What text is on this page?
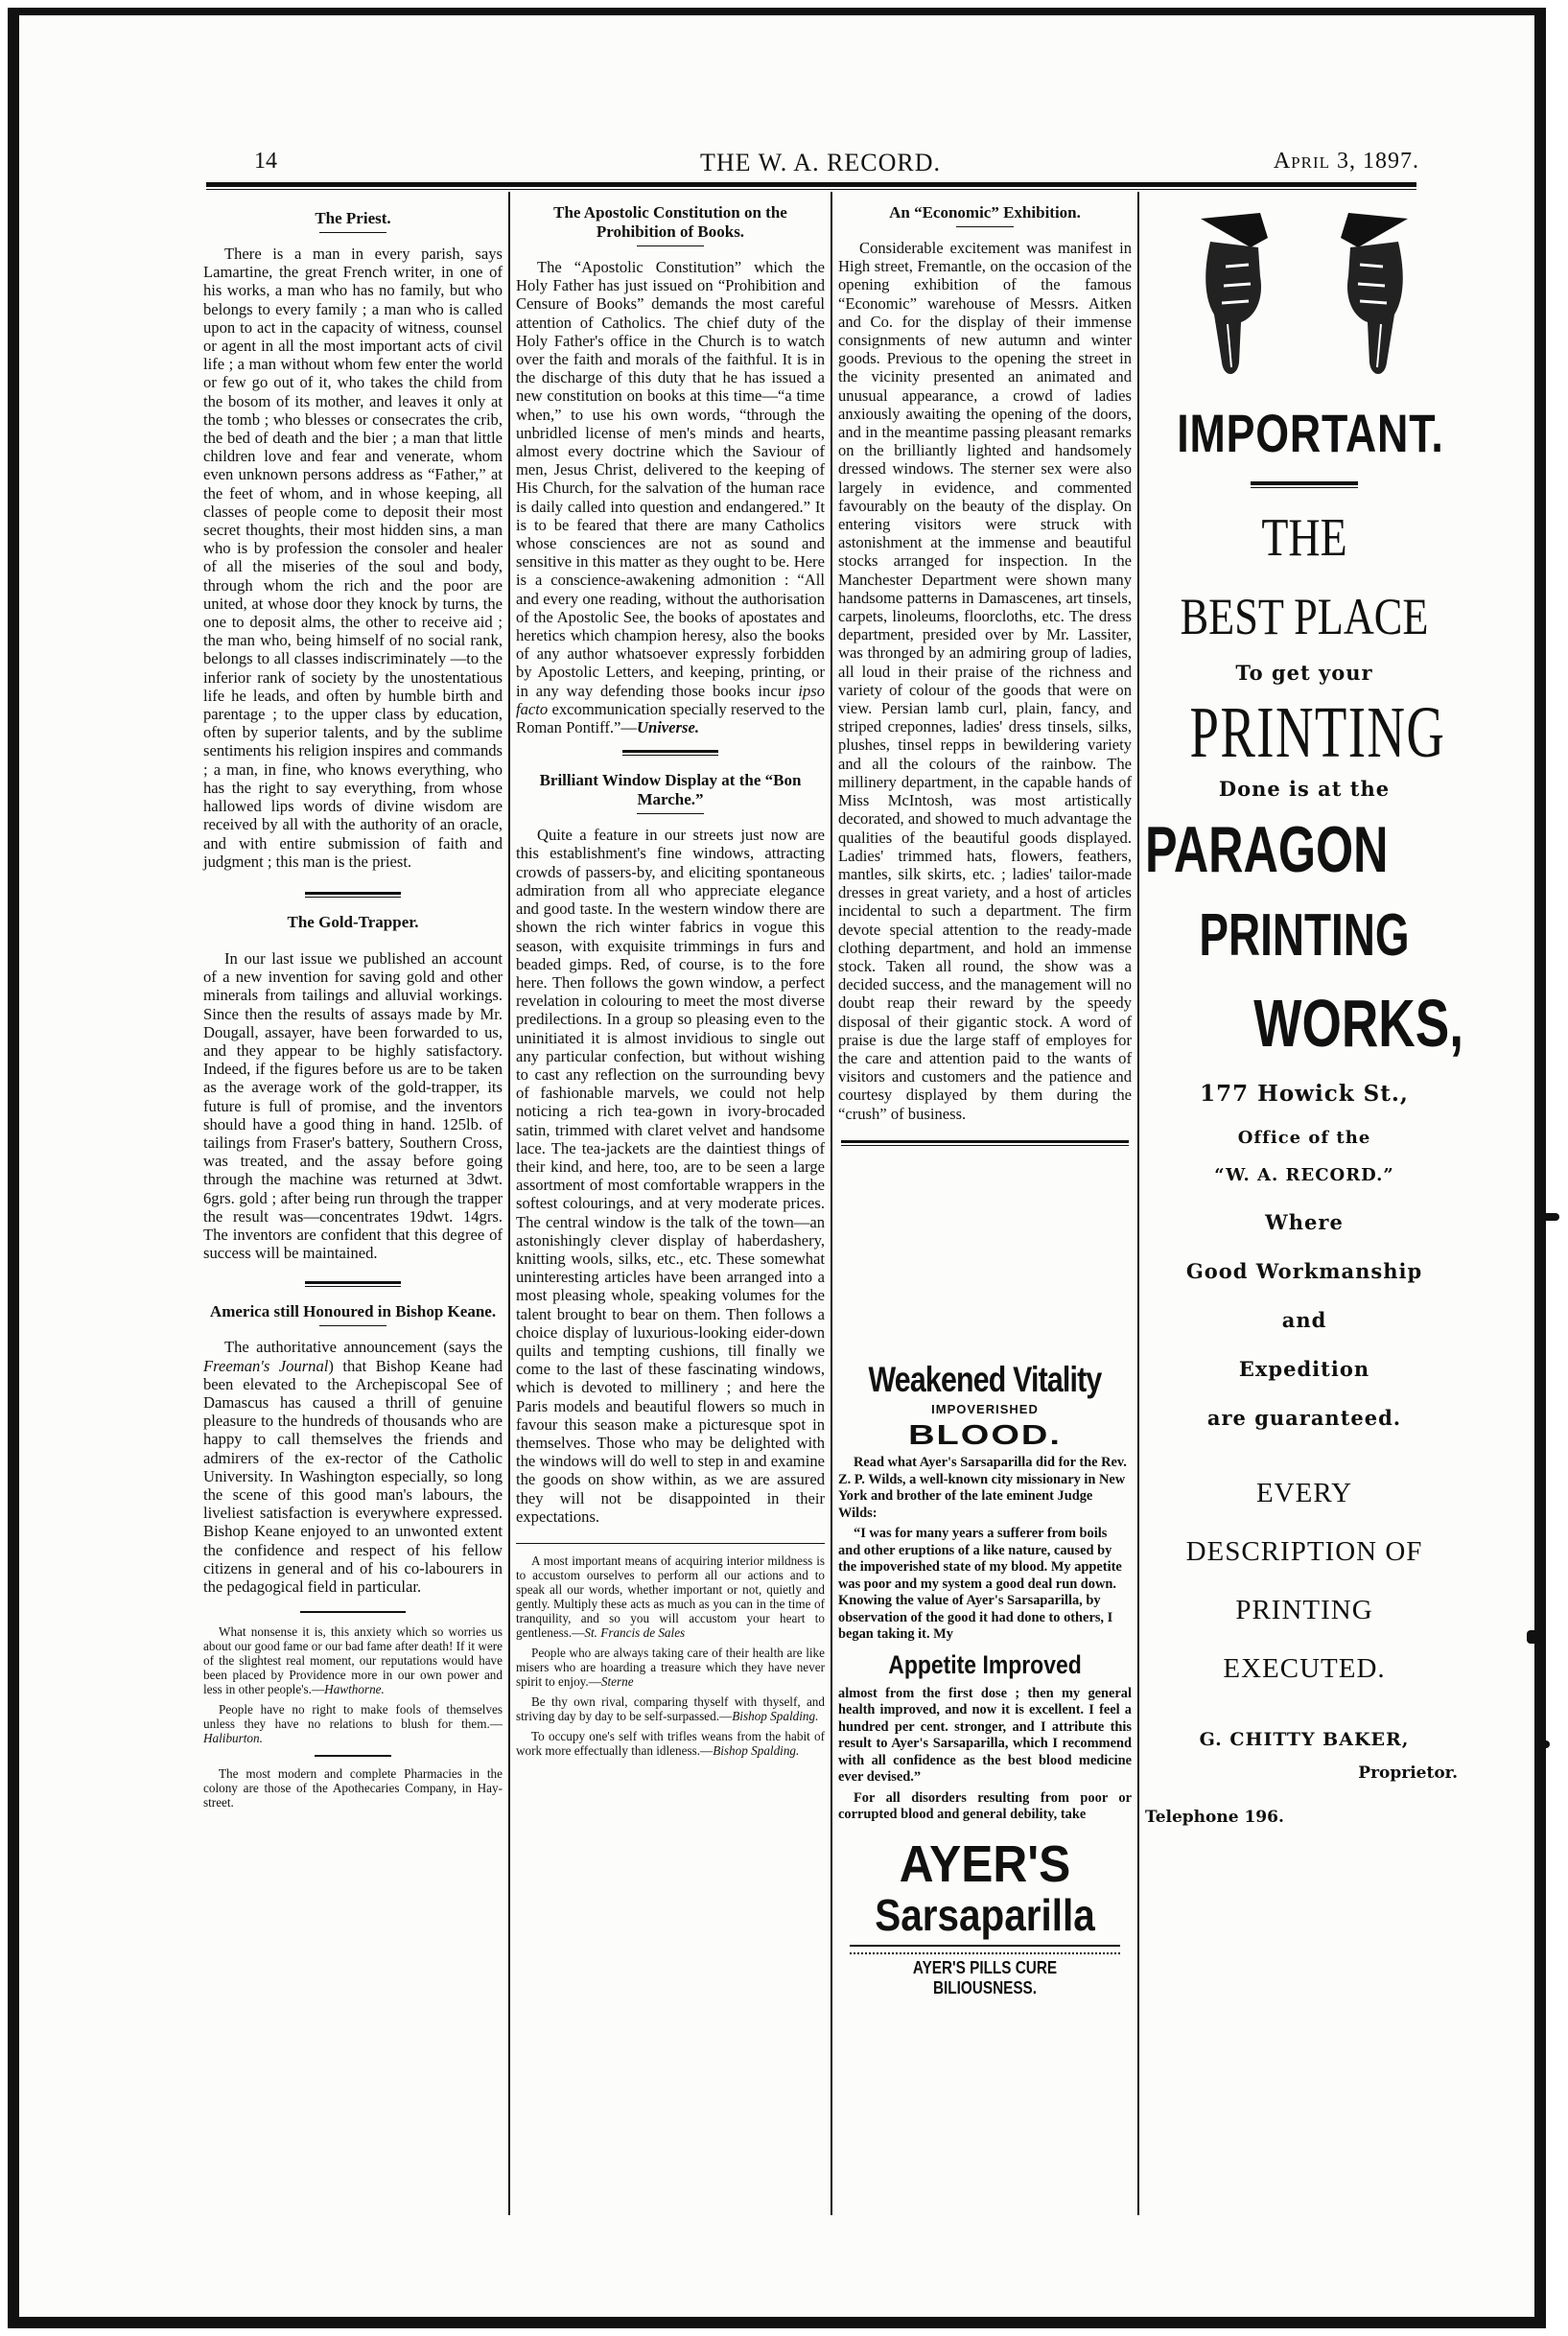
14	THE W. A. RECORD.	April 3, 1897.
The Priest.

There is a man in every parish, says Lamartine, the great French writer, in one of his works, a man who has no family, but who belongs to every family ; a man who is called upon to act in the capacity of witness, counsel or agent in all the most important acts of civil life ; a man without whom few enter the world or few go out of it, who takes the child from the bosom of its mother, and leaves it only at the tomb ; who blesses or consecrates the crib, the bed of death and the bier ; a man that little children love and fear and venerate, whom even unknown persons address as “Father,” at the feet of whom, and in whose keeping, all classes of people come to deposit their most secret thoughts, their most hidden sins, a man who is by profession the consoler and healer of all the miseries of the soul and body, through whom the rich and the poor are united, at whose door they knock by turns, the one to deposit alms, the other to receive aid ; the man who, being himself of no social rank, belongs to all classes indiscriminately —to the inferior rank of society by the unostentatious life he leads, and often by humble birth and parentage ; to the upper class by education, often by superior talents, and by the sublime sentiments his religion inspires and commands ; a man, in fine, who knows everything, who has the right to say everything, from whose hallowed lips words of divine wisdom are received by all with the authority of an oracle, and with entire submission of faith and judgment ; this man is the priest.

The Gold-Trapper.

In our last issue we published an account of a new invention for saving gold and other minerals from tailings and alluvial workings. Since then the results of assays made by Mr. Dougall, assayer, have been forwarded to us, and they appear to be highly satisfactory. Indeed, if the figures before us are to be taken as the average work of the gold-trapper, its future is full of promise, and the inventors should have a good thing in hand. 125lb. of tailings from Fraser's battery, Southern Cross, was treated, and the assay before going through the machine was returned at 3dwt. 6grs. gold ; after being run through the trapper the result was—concentrates 19dwt. 14grs. The inventors are confident that this degree of success will be maintained.

America still Honoured in Bishop Keane.

The authoritative announcement (says the Freeman's Journal) that Bishop Keane had been elevated to the Archepiscopal See of Damascus has caused a thrill of genuine pleasure to the hundreds of thousands who are happy to call themselves the friends and admirers of the ex-rector of the Catholic University. In Washington especially, so long the scene of this good man's labours, the liveliest satisfaction is everywhere expressed. Bishop Keane enjoyed to an unwonted extent the confidence and respect of his fellow citizens in general and of his co-labourers in the pedagogical field in particular.

What nonsense it is, this anxiety which so worries us about our good fame or our bad fame after death! If it were of the slightest real moment, our reputations would have been placed by Providence more in our own power and less in other people's.—Hawthorne.

People have no right to make fools of themselves unless they have no relations to blush for them.—Haliburton.

The most modern and complete Pharmacies in the colony are those of the Apothecaries Company, in Hay-street.

The Apostolic Constitution on the Prohibition of Books.

The “Apostolic Constitution” which the Holy Father has just issued on “Prohibition and Censure of Books” demands the most careful attention of Catholics. The chief duty of the Holy Father's office in the Church is to watch over the faith and morals of the faithful. It is in the discharge of this duty that he has issued a new constitution on books at this time—“a time when,” to use his own words, “through the unbridled license of men's minds and hearts, almost every doctrine which the Saviour of men, Jesus Christ, delivered to the keeping of His Church, for the salvation of the human race is daily called into question and endangered.” It is to be feared that there are many Catholics whose consciences are not as sound and sensitive in this matter as they ought to be. Here is a conscience-awakening admonition : “All and every one reading, without the authorisation of the Apostolic See, the books of apostates and heretics which champion heresy, also the books of any author whatsoever expressly forbidden by Apostolic Letters, and keeping, printing, or in any way defending those books incur ipso facto excommunication specially reserved to the Roman Pontiff.”—Universe.

Brilliant Window Display at the “Bon Marche.”

Quite a feature in our streets just now are this establishment's fine windows, attracting crowds of passers-by, and eliciting spontaneous admiration from all who appreciate elegance and good taste. In the western window there are shown the rich winter fabrics in vogue this season, with exquisite trimmings in furs and beaded gimps. Red, of course, is to the fore here. Then follows the gown window, a perfect revelation in colouring to meet the most diverse predilections. In a group so pleasing even to the uninitiated it is almost invidious to single out any particular confection, but without wishing to cast any reflection on the surrounding bevy of fashionable marvels, we could not help noticing a rich tea-gown in ivory-brocaded satin, trimmed with claret velvet and handsome lace. The tea-jackets are the daintiest things of their kind, and here, too, are to be seen a large assortment of most comfortable wrappers in the softest colourings, and at very moderate prices. The central window is the talk of the town—an astonishingly clever display of haberdashery, knitting wools, silks, etc., etc. These somewhat uninteresting articles have been arranged into a most pleasing whole, speaking volumes for the talent brought to bear on them. Then follows a choice display of luxurious-looking eider-down quilts and tempting cushions, till finally we come to the last of these fascinating windows, which is devoted to millinery ; and here the Paris models and beautiful flowers so much in favour this season make a picturesque spot in themselves. Those who may be delighted with the windows will do well to step in and examine the goods on show within, as we are assured they will not be disappointed in their expectations.

A most important means of acquiring interior mildness is to accustom ourselves to perform all our actions and to speak all our words, whether important or not, quietly and gently. Multiply these acts as much as you can in the time of tranquility, and so you will accustom your heart to gentleness.—St. Francis de Sales

People who are always taking care of their health are like misers who are hoarding a treasure which they have never spirit to enjoy.—Sterne

Be thy own rival, comparing thyself with thyself, and striving day by day to be self-surpassed.—Bishop Spalding.

To occupy one's self with trifles weans from the habit of work more effectually than idleness.—Bishop Spalding.

An “Economic” Exhibition.

Considerable excitement was manifest in High street, Fremantle, on the occasion of the opening exhibition of the famous “Economic” warehouse of Messrs. Aitken and Co. for the display of their immense consignments of new autumn and winter goods. Previous to the opening the street in the vicinity presented an animated and unusual appearance, a crowd of ladies anxiously awaiting the opening of the doors, and in the meantime passing pleasant remarks on the brilliantly lighted and handsomely dressed windows. The sterner sex were also largely in evidence, and commented favourably on the beauty of the display. On entering visitors were struck with astonishment at the immense and beautiful stocks arranged for inspection. In the Manchester Department were shown many handsome patterns in Damascenes, art tinsels, carpets, linoleums, floorcloths, etc. The dress department, presided over by Mr. Lassiter, was thronged by an admiring group of ladies, all loud in their praise of the richness and variety of colour of the goods that were on view. Persian lamb curl, plain, fancy, and striped creponnes, ladies' dress tinsels, silks, plushes, tinsel repps in bewildering variety and all the colours of the rainbow. The millinery department, in the capable hands of Miss McIntosh, was most artistically decorated, and showed to much advantage the qualities of the beautiful goods displayed. Ladies' trimmed hats, flowers, feathers, mantles, silk skirts, etc. ; ladies' tailor-made dresses in great variety, and a host of articles incidental to such a department. The firm devote special attention to the ready-made clothing department, and hold an immense stock. Taken all round, the show was a decided success, and the management will no doubt reap their reward by the speedy disposal of their gigantic stock. A word of praise is due the large staff of employes for the care and attention paid to the wants of visitors and customers and the patience and courtesy displayed by them during the “crush” of business.

Weakened Vitality
IMPOVERISHED
BLOOD.
Read what Ayer's Sarsaparilla did for the Rev. Z. P. Wilds, a well-known city missionary in New York and brother of the late eminent Judge Wilds:
“I was for many years a sufferer from boils and other eruptions of a like nature, caused by the impoverished state of my blood. My appetite was poor and my system a good deal run down. Knowing the value of Ayer's Sarsaparilla, by observation of the good it had done to others, I began taking it. My
Appetite Improved
almost from the first dose ; then my general health improved, and now it is excellent. I feel a hundred per cent. stronger, and I attribute this result to Ayer's Sarsaparilla, which I recommend with all confidence as the best blood medicine ever devised.”
For all disorders resulting from poor or corrupted blood and general debility, take
AYER'S
Sarsaparilla
AYER'S PILLS CURE BILIOUSNESS.
IMPORTANT.
THE
BEST PLACE
To get your
PRINTING
Done is at the
PARAGON
PRINTING
WORKS,
177 Howick St.,
Office of the
“W. A. RECORD.”
Where
Good Workmanship
and
Expedition
are guaranteed.
EVERY
DESCRIPTION OF
PRINTING
EXECUTED.
G. CHITTY BAKER,
Proprietor.
Telephone 196.
